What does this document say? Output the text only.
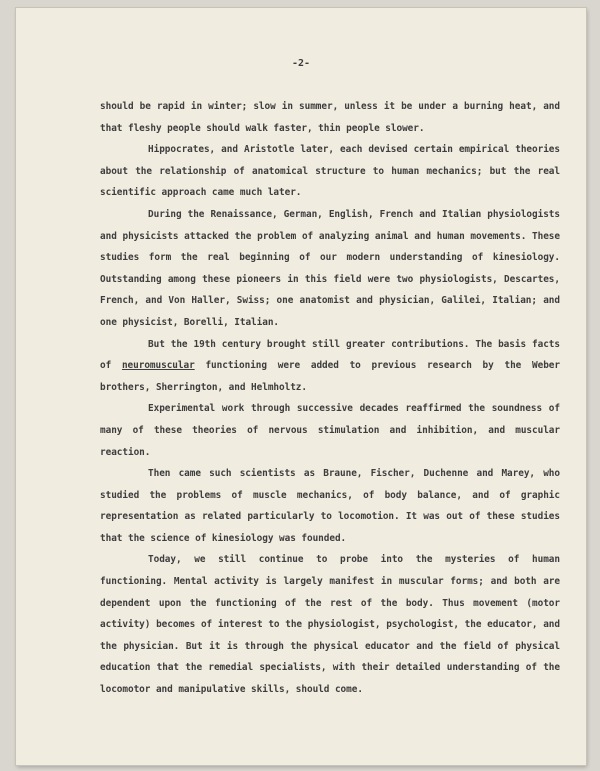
-2-

should be rapid in winter; slow in summer, unless it be under a burning heat, and that fleshy people should walk faster, thin people slower.

Hippocrates, and Aristotle later, each devised certain empirical theories about the relationship of anatomical structure to human mechanics; but the real scientific approach came much later.

During the Renaissance, German, English, French and Italian physiologists and physicists attacked the problem of analyzing animal and human movements. These studies form the real beginning of our modern understanding of kinesiology. Outstanding among these pioneers in this field were two physiologists, Descartes, French, and Von Haller, Swiss; one anatomist and physician, Galilei, Italian; and one physicist, Borelli, Italian.

But the 19th century brought still greater contributions. The basis facts of neuromuscular functioning were added to previous research by the Weber brothers, Sherrington, and Helmholtz.

Experimental work through successive decades reaffirmed the soundness of many of these theories of nervous stimulation and inhibition, and muscular reaction.

Then came such scientists as Braune, Fischer, Duchenne and Marey, who studied the problems of muscle mechanics, of body balance, and of graphic representation as related particularly to locomotion. It was out of these studies that the science of kinesiology was founded.

Today, we still continue to probe into the mysteries of human functioning. Mental activity is largely manifest in muscular forms; and both are dependent upon the functioning of the rest of the body. Thus movement (motor activity) becomes of interest to the physiologist, psychologist, the educator, and the physician. But it is through the physical educator and the field of physical education that the remedial specialists, with their detailed understanding of the locomotor and manipulative skills, should come.
